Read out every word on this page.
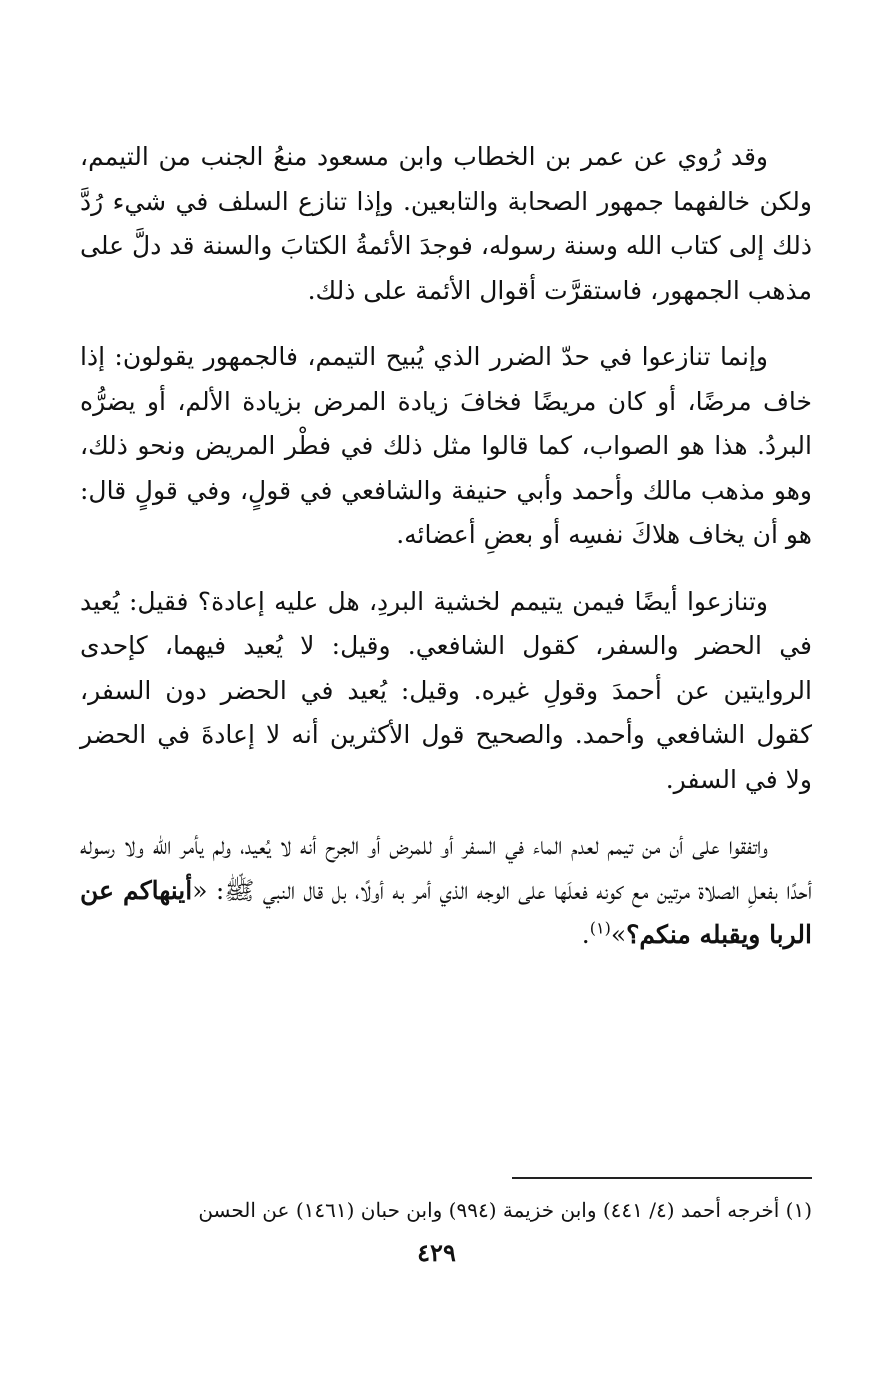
وقد رُوي عن عمر بن الخطاب وابن مسعود منعُ الجنب من التيمم، ولكن خالفهما جمهور الصحابة والتابعين. وإذا تنازع السلف في شيء رُدَّ ذلك إلى كتاب الله وسنة رسوله، فوجدَ الأئمةُ الكتابَ والسنة قد دلَّ على مذهب الجمهور، فاستقرَّت أقوال الأئمة على ذلك.

وإنما تنازعوا في حدّ الضرر الذي يُبيح التيمم، فالجمهور يقولون: إذا خاف مرضًا، أو كان مريضًا فخافَ زيادة المرض بزيادة الألم، أو يضرُّه البردُ. هذا هو الصواب، كما قالوا مثل ذلك في فطْر المريض ونحو ذلك، وهو مذهب مالك وأحمد وأبي حنيفة والشافعي في قولٍ، وفي قولٍ قال: هو أن يخاف هلاكَ نفسِه أو بعضِ أعضائه.

وتنازعوا أيضًا فيمن يتيمم لخشية البردِ، هل عليه إعادة؟ فقيل: يُعيد في الحضر والسفر، كقول الشافعي. وقيل: لا يُعيد فيهما، كإحدى الروايتين عن أحمدَ وقولِ غيره. وقيل: يُعيد في الحضر دون السفر، كقول الشافعي وأحمد. والصحيح قول الأكثرين أنه لا إعادةَ في الحضر ولا في السفر.

واتفقوا على أن من تيمم لعدم الماء في السفر أو للمرض أو الجرح أنه لا يُعيد، ولم يأمر الله ولا رسوله أحدًا بفعلِ الصلاة مرتين مع كونه فعلَها على الوجه الذي أمر به أولًا، بل قال النبي ﷺ: «أينهاكم عن الربا ويقبله منكم؟»$^{(١)}$.

(١) أخرجه أحمد (٤/ ٤٤١) وابن خزيمة (٩٩٤) وابن حبان (١٤٦١) عن الحسن
٤٢٩
